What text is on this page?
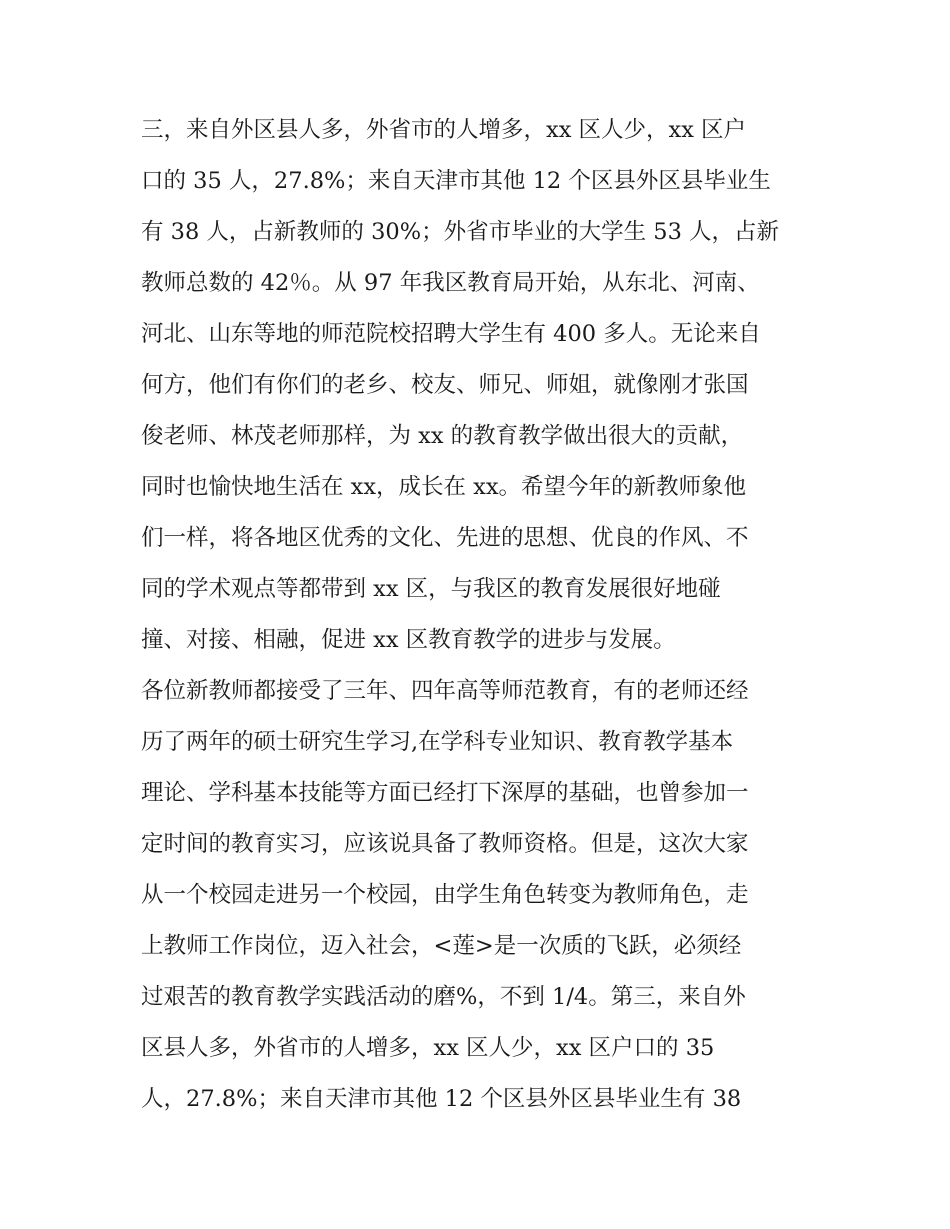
三，来自外区县人多，外省市的人增多，xx 区人少，xx 区户
口的 35 人，27.8%；来自天津市其他 12 个区县外区县毕业生
有 38 人，占新教师的 30%；外省市毕业的大学生 53 人，占新
教师总数的 42％。从 97 年我区教育局开始，从东北、河南、
河北、山东等地的师范院校招聘大学生有 400 多人。无论来自
何方，他们有你们的老乡、校友、师兄、师姐，就像刚才张国
俊老师、林茂老师那样，为 xx 的教育教学做出很大的贡献，
同时也愉快地生活在 xx，成长在 xx。希望今年的新教师象他
们一样，将各地区优秀的文化、先进的思想、优良的作风、不
同的学术观点等都带到 xx 区，与我区的教育发展很好地碰
撞、对接、相融，促进 xx 区教育教学的进步与发展。
各位新教师都接受了三年、四年高等师范教育，有的老师还经
历了两年的硕士研究生学习,在学科专业知识、教育教学基本
理论、学科基本技能等方面已经打下深厚的基础，也曾参加一
定时间的教育实习，应该说具备了教师资格。但是，这次大家
从一个校园走进另一个校园，由学生角色转变为教师角色，走
上教师工作岗位，迈入社会，<莲>是一次质的飞跃，必须经
过艰苦的教育教学实践活动的磨%，不到 1/4。第三，来自外
区县人多，外省市的人增多，xx 区人少，xx 区户口的 35
人，27.8%；来自天津市其他 12 个区县外区县毕业生有 38
